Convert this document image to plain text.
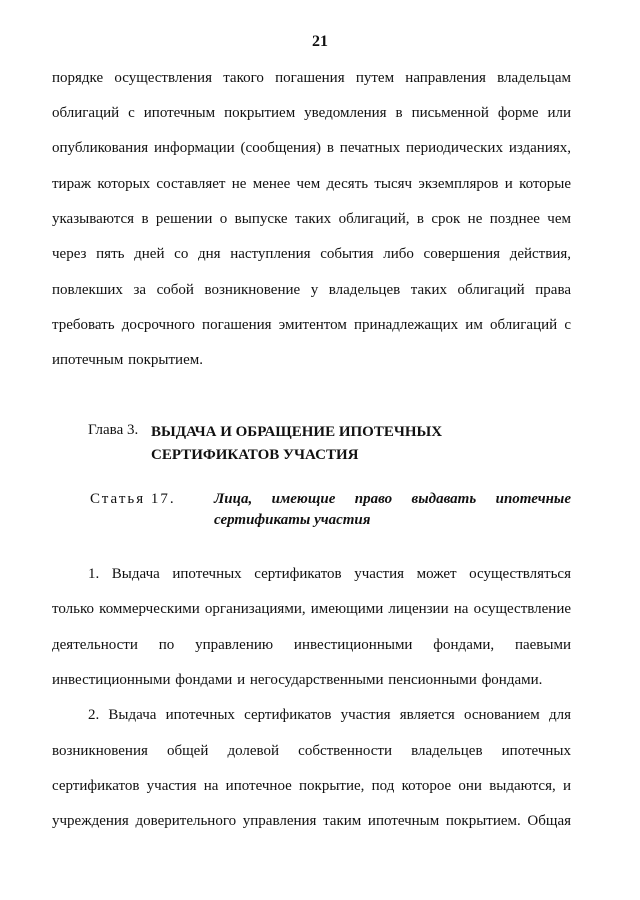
21
порядке осуществления такого погашения путем направления владельцам
облигаций с ипотечным покрытием уведомления в письменной форме или
опубликования информации (сообщения) в печатных периодических изданиях,
тираж которых составляет не менее чем десять тысяч экземпляров и которые
указываются в решении о выпуске таких облигаций, в срок не позднее чем
через пять дней со дня наступления события либо совершения действия,
повлекших за собой возникновение у владельцев таких облигаций права
требовать досрочного погашения эмитентом принадлежащих им облигаций с
ипотечным покрытием.
Глава 3. ВЫДАЧА И ОБРАЩЕНИЕ ИПОТЕЧНЫХ
СЕРТИФИКАТОВ УЧАСТИЯ
Статья 17.	Лица, имеющие право выдавать ипотечные
сертификаты участия
1. Выдача ипотечных сертификатов участия может осуществляться
только коммерческими организациями, имеющими лицензии на осуществление
деятельности по управлению инвестиционными фондами, паевыми
инвестиционными фондами и негосударственными пенсионными фондами.
2. Выдача ипотечных сертификатов участия является основанием для
возникновения общей долевой собственности владельцев ипотечных
сертификатов участия на ипотечное покрытие, под которое они выдаются, и
учреждения доверительного управления таким ипотечным покрытием. Общая
